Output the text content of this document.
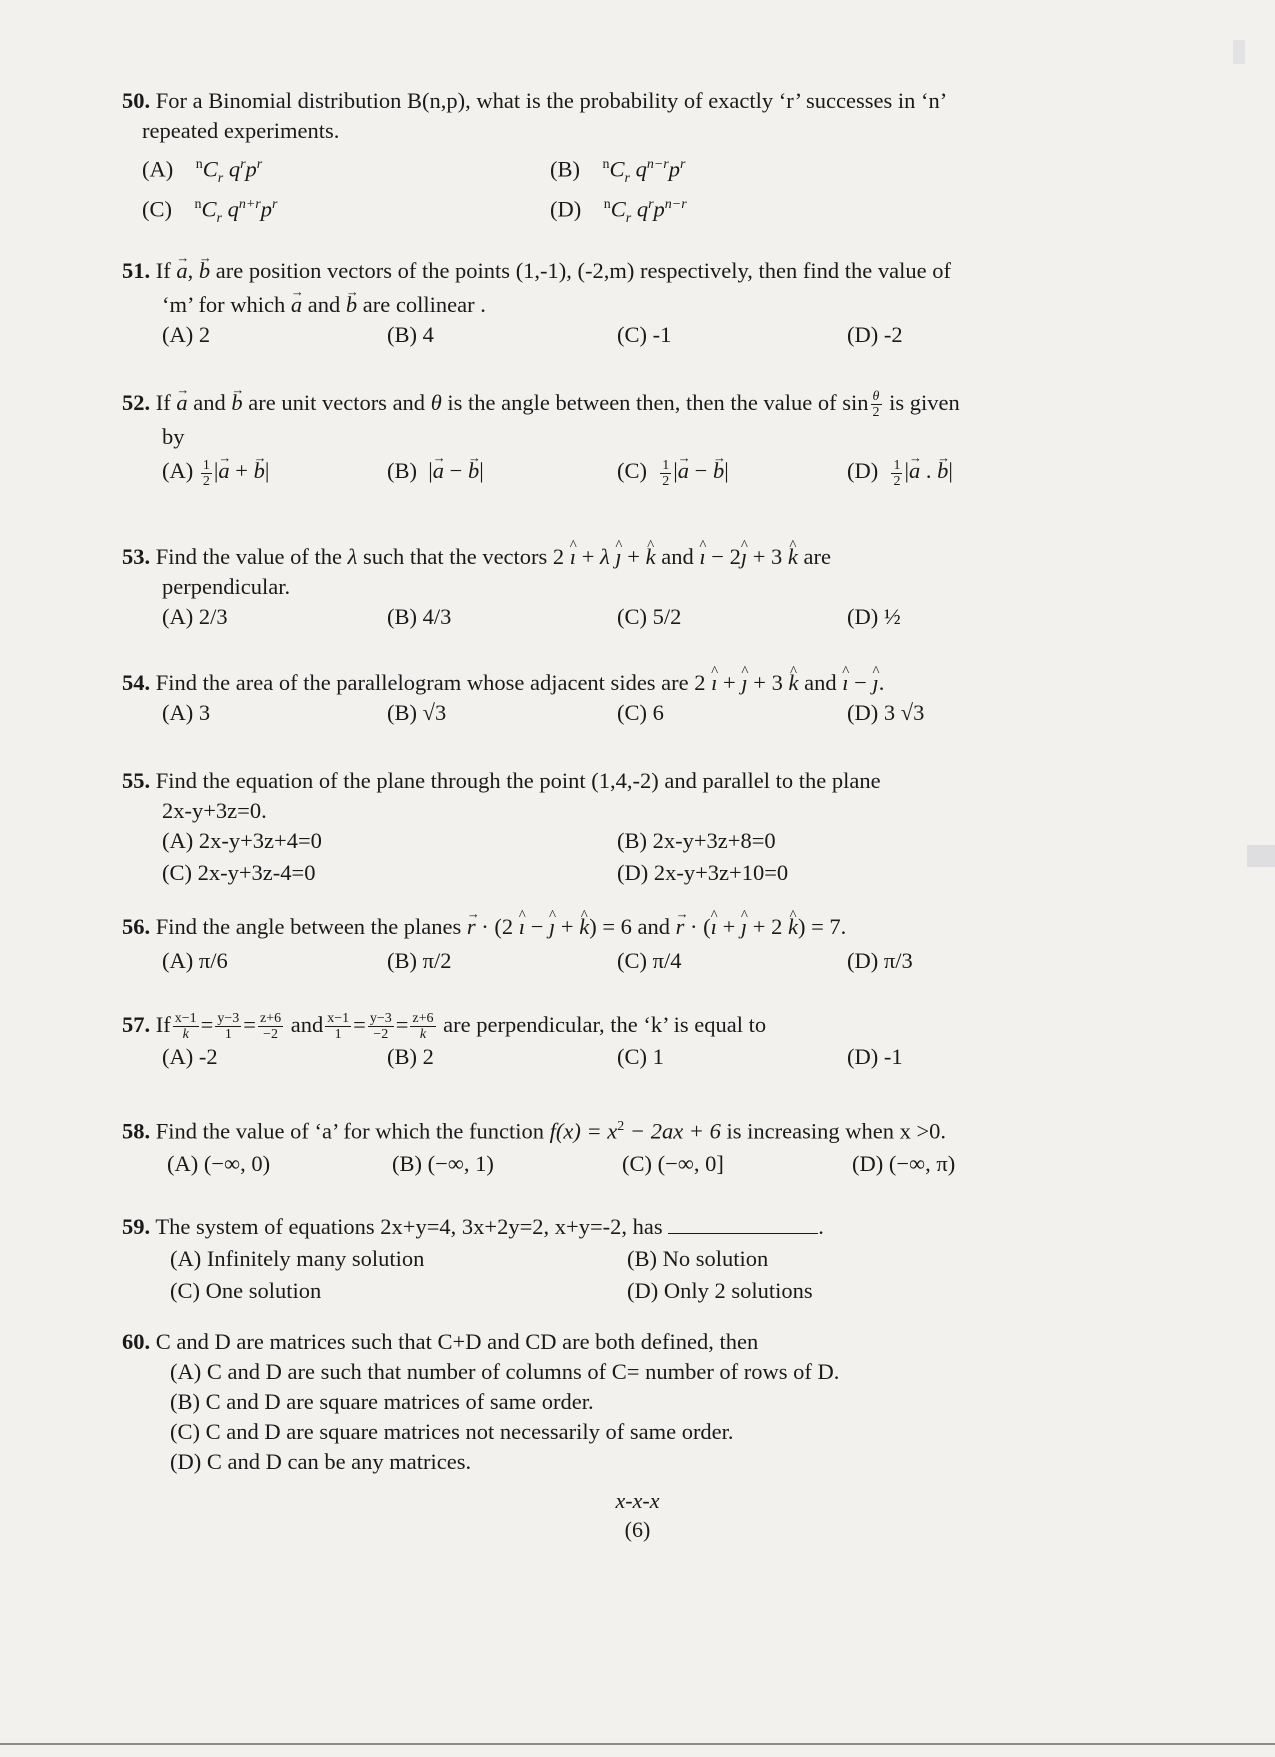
50. For a Binomial distribution B(n,p), what is the probability of exactly ‘r’ successes in ‘n’
repeated experiments.
(A) $^nC_r$ $q^rp^r$	(B) $^nC_r$ $q^{n-r}p^r$
(C) $^nC_r$ $q^{n+r}p^r$	(D) $^nC_r$ $q^rp^{n-r}$
51. If → a, → b are position vectors of the points (1,-1), (-2,m) respectively, then find the value of
‘m’ for which → a and → b are collinear .
(A) 2	(B) 4	(C) -1	(D) -2
52. If → a and → b are unit vectors and θ is the angle between then, then the value of $\sin \frac{\theta}{2}$ is given
by
$(A) \frac{1}{2}$ |→ a + → b|	(B)  |→ a − → b|	$(C) \frac{1}{2}$ |→ a − → b|	$(D) \frac{1}{2}$ |→ a . → b|
53. Find the value of the λ such that the vectors 2 ^ ı + λ ^ ȷ + ^ k and ^ ı − 2^ ȷ + 3 ^ k are
perpendicular.
(A) 2/3	(B) 4/3	(C) 5/2	(D) ½
54. Find the area of the parallelogram whose adjacent sides are 2 ^ ı + ^ ȷ + 3 ^ k and ^ ı − ^ ȷ.
(A) 3	(B) √3	(C) 6	(D) 3 √3
55. Find the equation of the plane through the point (1,4,-2) and parallel to the plane
2x-y+3z=0.
(A) 2x-y+3z+4=0	(B) 2x-y+3z+8=0
(C) 2x-y+3z-4=0	(D) 2x-y+3z+10=0
56. Find the angle between the planes → r · (2 ^ ı − ^ ȷ + ^ k) = 6 and → r · (^ ı + ^ ȷ + 2 ^ k) = 7.
(A) π/6	(B) π/2	(C) π/4	(D) π/3
57. If $\frac{x-1}{k} = \frac{y-3}{1} = \frac{z+6}{-2}$ and $\frac{x-1}{1} = \frac{y-3}{-2} = \frac{z+6}{k}$ are perpendicular, the ‘k’ is equal to
(A) -2	(B) 2	(C) 1	(D) -1
58. Find the value of ‘a’ for which the function $f(x) = x^2 - 2ax + 6$ is increasing when x >0.
(A) (−∞, 0)	(B) (−∞, 1)	(C) (−∞, 0]	(D) (−∞, π)
59. The system of equations 2x+y=4, 3x+2y=2, x+y=-2, has	.
(A) Infinitely many solution	(B) No solution
(C) One solution	(D) Only 2 solutions
60. C and D are matrices such that C+D and CD are both defined, then
(A) C and D are such that number of columns of C= number of rows of D.
(B) C and D are square matrices of same order.
(C) C and D are square matrices not necessarily of same order.
(D) C and D can be any matrices.
x-x-x
(6)
